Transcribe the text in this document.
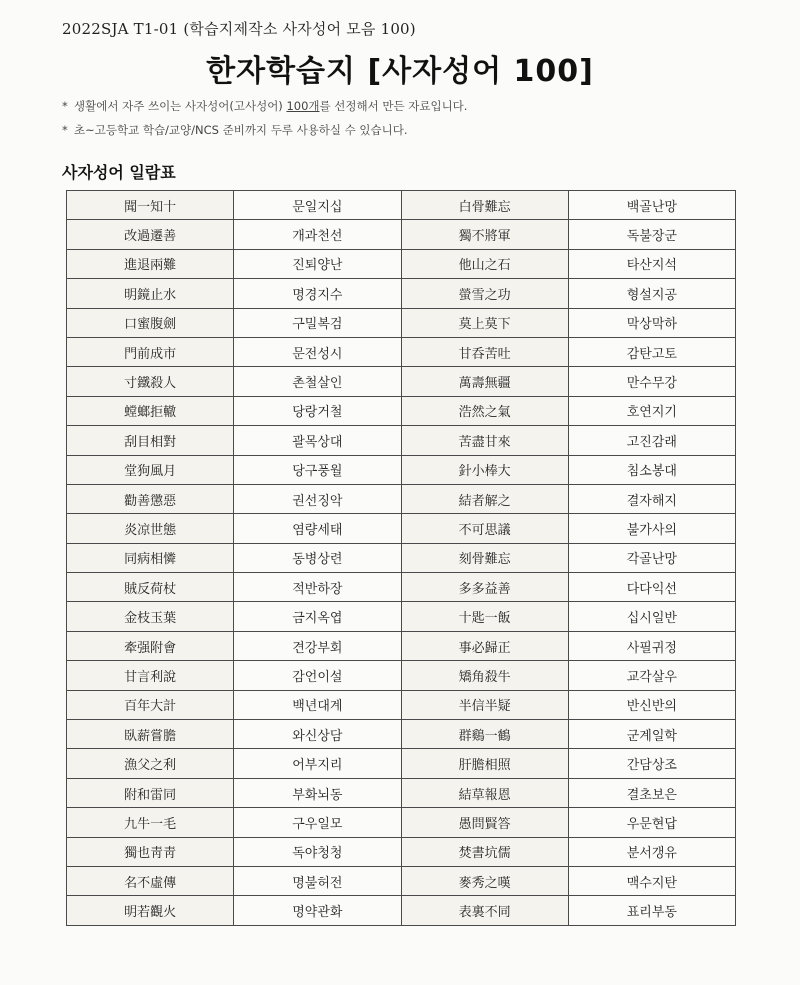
2022SJA T1-01 (학습지제작소 사자성어 모음 100)
한자학습지 [사자성어 100]
* 생활에서 자주 쓰이는 사자성어(고사성어) 100개를 선정해서 만든 자료입니다.
* 초~고등학교 학습/교양/NCS 준비까지 두루 사용하실 수 있습니다.
사자성어 일람표
聞一知十	문일지십	白骨難忘	백골난망
改過遷善	개과천선	獨不將軍	독불장군
進退兩難	진퇴양난	他山之石	타산지석
明鏡止水	명경지수	螢雪之功	형설지공
口蜜腹劍	구밀복검	莫上莫下	막상막하
門前成市	문전성시	甘呑苦吐	감탄고토
寸鐵殺人	촌철살인	萬壽無疆	만수무강
螳螂拒轍	당랑거철	浩然之氣	호연지기
刮目相對	괄목상대	苦盡甘來	고진감래
堂狗風月	당구풍월	針小棒大	침소봉대
勸善懲惡	권선징악	結者解之	결자해지
炎凉世態	염량세태	不可思議	불가사의
同病相憐	동병상련	刻骨難忘	각골난망
賊反荷杖	적반하장	多多益善	다다익선
金枝玉葉	금지옥엽	十匙一飯	십시일반
牽强附會	견강부회	事必歸正	사필귀정
甘言利說	감언이설	矯角殺牛	교각살우
百年大計	백년대계	半信半疑	반신반의
臥薪嘗膽	와신상담	群鷄一鶴	군계일학
漁父之利	어부지리	肝膽相照	간담상조
附和雷同	부화뇌동	結草報恩	결초보은
九牛一毛	구우일모	愚問賢答	우문현답
獨也靑靑	독야청청	焚書坑儒	분서갱유
名不虛傳	명불허전	麥秀之嘆	맥수지탄
明若觀火	명약관화	表裏不同	표리부동
